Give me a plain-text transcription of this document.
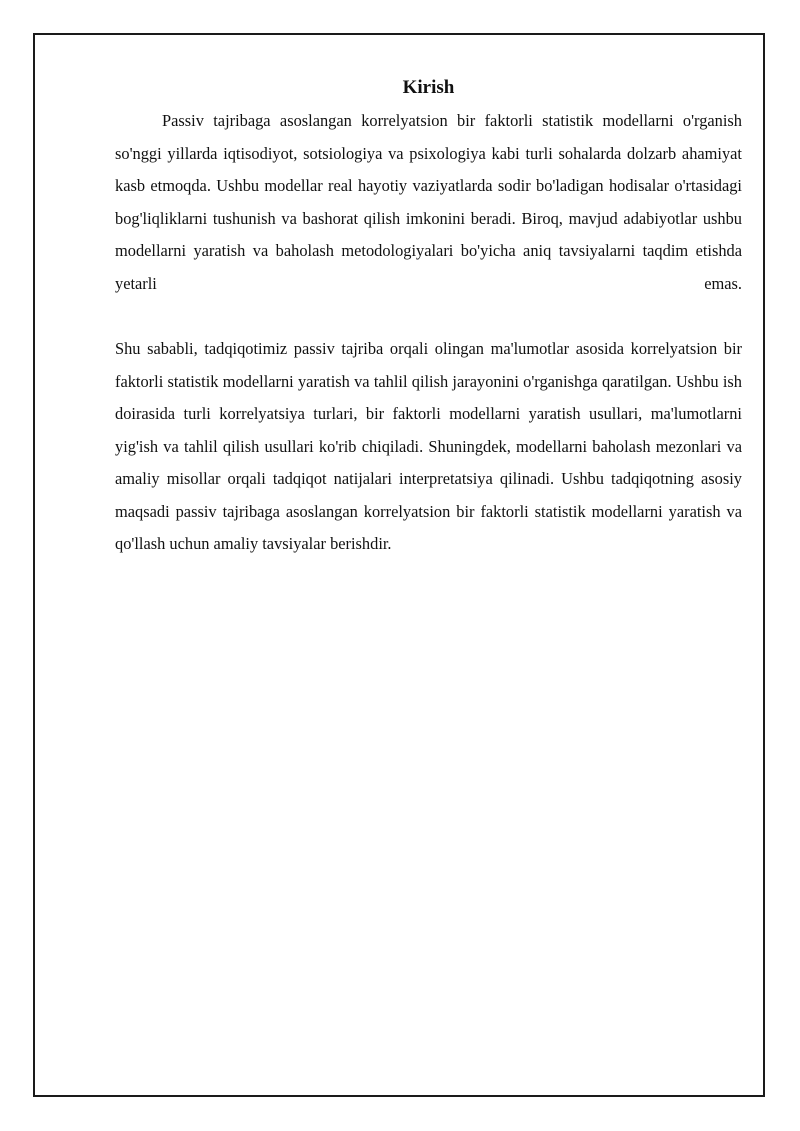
Kirish

Passiv tajribaga asoslangan korrelyatsion bir faktorli statistik modellarni o'rganish so'nggi yillarda iqtisodiyot, sotsiologiya va psixologiya kabi turli sohalarda dolzarb ahamiyat kasb etmoqda. Ushbu modellar real hayotiy vaziyatlarda sodir bo'ladigan hodisalar o'rtasidagi bog'liqliklarni tushunish va bashorat qilish imkonini beradi. Biroq, mavjud adabiyotlar ushbu modellarni yaratish va baholash metodologiyalari bo'yicha aniq tavsiyalarni taqdim etishda yetarli emas.

Shu sababli, tadqiqotimiz passiv tajriba orqali olingan ma'lumotlar asosida korrelyatsion bir faktorli statistik modellarni yaratish va tahlil qilish jarayonini o'rganishga qaratilgan. Ushbu ish doirasida turli korrelyatsiya turlari, bir faktorli modellarni yaratish usullari, ma'lumotlarni yig'ish va tahlil qilish usullari ko'rib chiqiladi. Shuningdek, modellarni baholash mezonlari va amaliy misollar orqali tadqiqot natijalari interpretatsiya qilinadi. Ushbu tadqiqotning asosiy maqsadi passiv tajribaga asoslangan korrelyatsion bir faktorli statistik modellarni yaratish va qo'llash uchun amaliy tavsiyalar berishdir.
